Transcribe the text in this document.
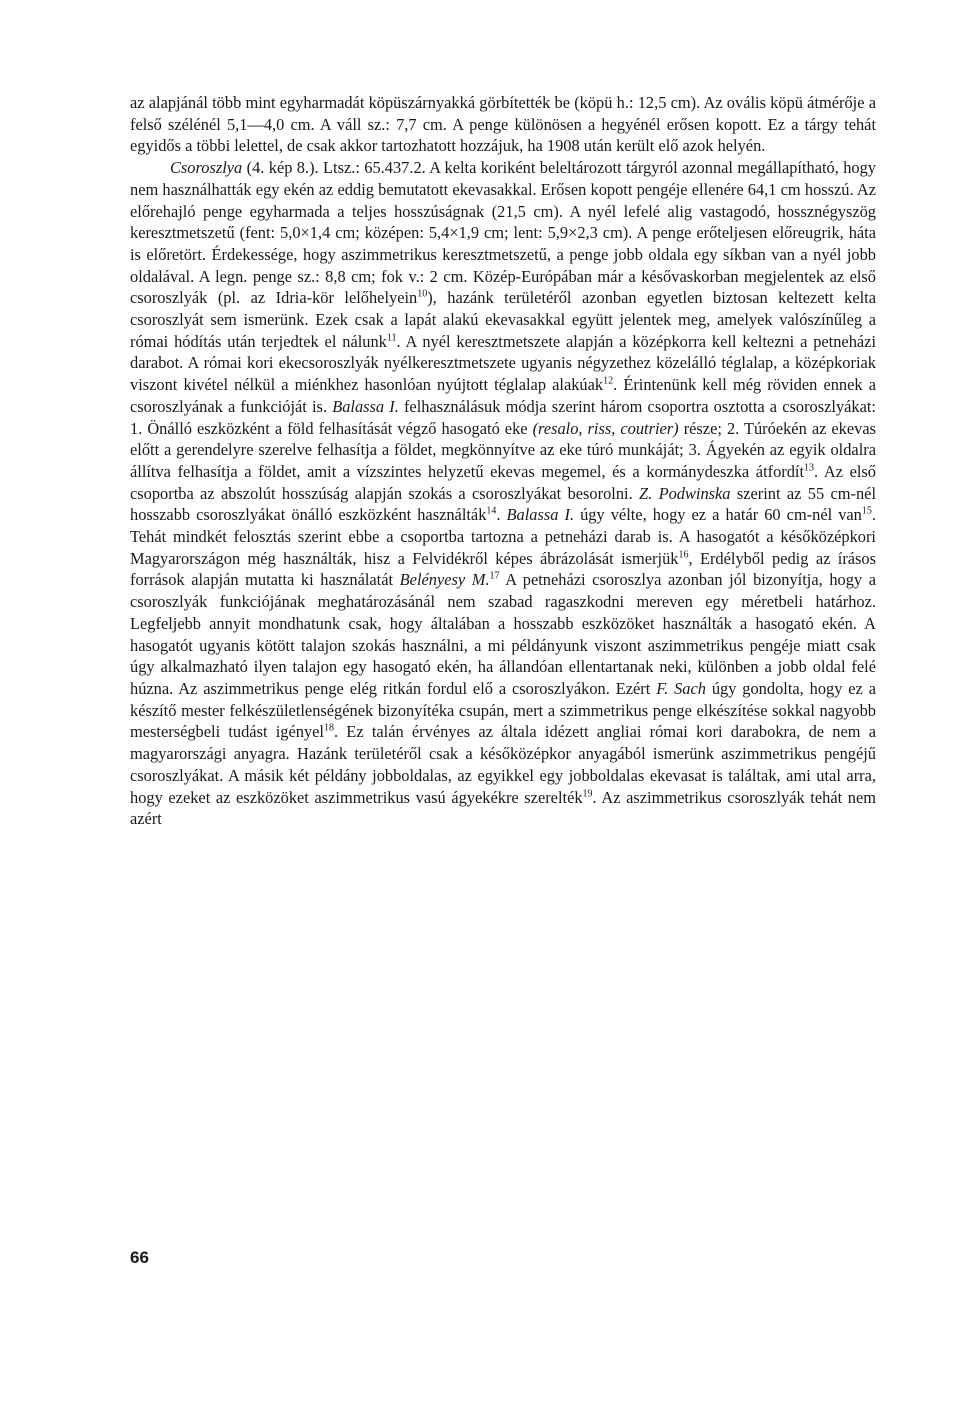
az alapjánál több mint egyharmadát köpüszárnyakká görbítették be (köpü h.: 12,5 cm). Az ovális köpü átmérője a felső szélénél 5,1—4,0 cm. A váll sz.: 7,7 cm. A penge különösen a hegyénél erősen kopott. Ez a tárgy tehát egyidős a többi lelettel, de csak akkor tartozhatott hozzájuk, ha 1908 után került elő azok helyén.
Csoroszlya (4. kép 8.). Ltsz.: 65.437.2. A kelta koriként beleltározott tárgyról azonnal megállapítható, hogy nem használhatták egy ekén az eddig bemutatott ekevasakkal. Erősen kopott pengéje ellenére 64,1 cm hosszú. Az előrehajló penge egyharmada a teljes hosszúságnak (21,5 cm). A nyél lefelé alig vastagodó, hossznégyszög keresztmetszetű (fent: 5,0×1,4 cm; középen: 5,4×1,9 cm; lent: 5,9×2,3 cm). A penge erőteljesen előreugrik, háta is előretört. Érdekessége, hogy aszimmetrikus keresztmetszetű, a penge jobb oldala egy síkban van a nyél jobb oldalával. A legn. penge sz.: 8,8 cm; fok v.: 2 cm. Közép-Európában már a késővaskorban megjelentek az első csoroszlyák (pl. az Idria-kör lelőhelyein$^{10}$), hazánk területéről azonban egyetlen biztosan keltezett kelta csoroszlyát sem ismerünk. Ezek csak a lapát alakú ekevasakkal együtt jelentek meg, amelyek valószínűleg a római hódítás után terjedtek el nálunk$^{11}$. A nyél keresztmetszete alapján a középkorra kell keltezni a petneházi darabot. A római kori ekecsoroszlyák nyélkeresztmetszete ugyanis négyzethez közelálló téglalap, a középkoriak viszont kivétel nélkül a miénkhez hasonlóan nyújtott téglalap alakúak$^{12}$. Érintenünk kell még röviden ennek a csoroszlyának a funkcióját is. Balassa I. felhasználásuk módja szerint három csoportra osztotta a csoroszlyákat: 1. Önálló eszközként a föld felhasítását végző hasogató eke (resalo, riss, coutrier) része; 2. Túróekén az ekevas előtt a gerendelyre szerelve felhasítja a földet, megkönnyítve az eke túró munkáját; 3. Ágyekén az egyik oldalra állítva felhasítja a földet, amit a vízszintes helyzetű ekevas megemel, és a kormánydeszka átfordít$^{13}$. Az első csoportba az abszolút hosszúság alapján szokás a csoroszlyákat besorolni. Z. Podwinska szerint az 55 cm-nél hosszabb csoroszlyákat önálló eszközként használták$^{14}$. Balassa I. úgy vélte, hogy ez a határ 60 cm-nél van$^{15}$. Tehát mindkét felosztás szerint ebbe a csoportba tartozna a petneházi darab is. A hasogatót a későközépkori Magyarországon még használták, hisz a Felvidékről képes ábrázolását ismerjük$^{16}$, Erdélyből pedig az írásos források alapján mutatta ki használatát Belényesy M.$^{17}$ A petneházi csoroszlya azonban jól bizonyítja, hogy a csoroszlyák funkciójának meghatározásánál nem szabad ragaszkodni mereven egy méretbeli határhoz. Legfeljebb annyit mondhatunk csak, hogy általában a hosszabb eszközöket használták a hasogató ekén. A hasogatót ugyanis kötött talajon szokás használni, a mi példányunk viszont aszimmetrikus pengéje miatt csak úgy alkalmazható ilyen talajon egy hasogató ekén, ha állandóan ellentartanak neki, különben a jobb oldal felé húzna. Az aszimmetrikus penge elég ritkán fordul elő a csoroszlyákon. Ezért F. Sach úgy gondolta, hogy ez a készítő mester felkészületlenségének bizonyítéka csupán, mert a szimmetrikus penge elkészítése sokkal nagyobb mesterségbeli tudást igényel$^{18}$. Ez talán érvényes az általa idézett angliai római kori darabokra, de nem a magyarországi anyagra. Hazánk területéről csak a későközépkor anyagából ismerünk aszimmetrikus pengéjű csoroszlyákat. A másik két példány jobboldalas, az egyikkel egy jobboldalas ekevasat is találtak, ami utal arra, hogy ezeket az eszközöket aszimmetrikus vasú ágyekékre szerelték$^{19}$. Az aszimmetrikus csoroszlyák tehát nem azért

66
